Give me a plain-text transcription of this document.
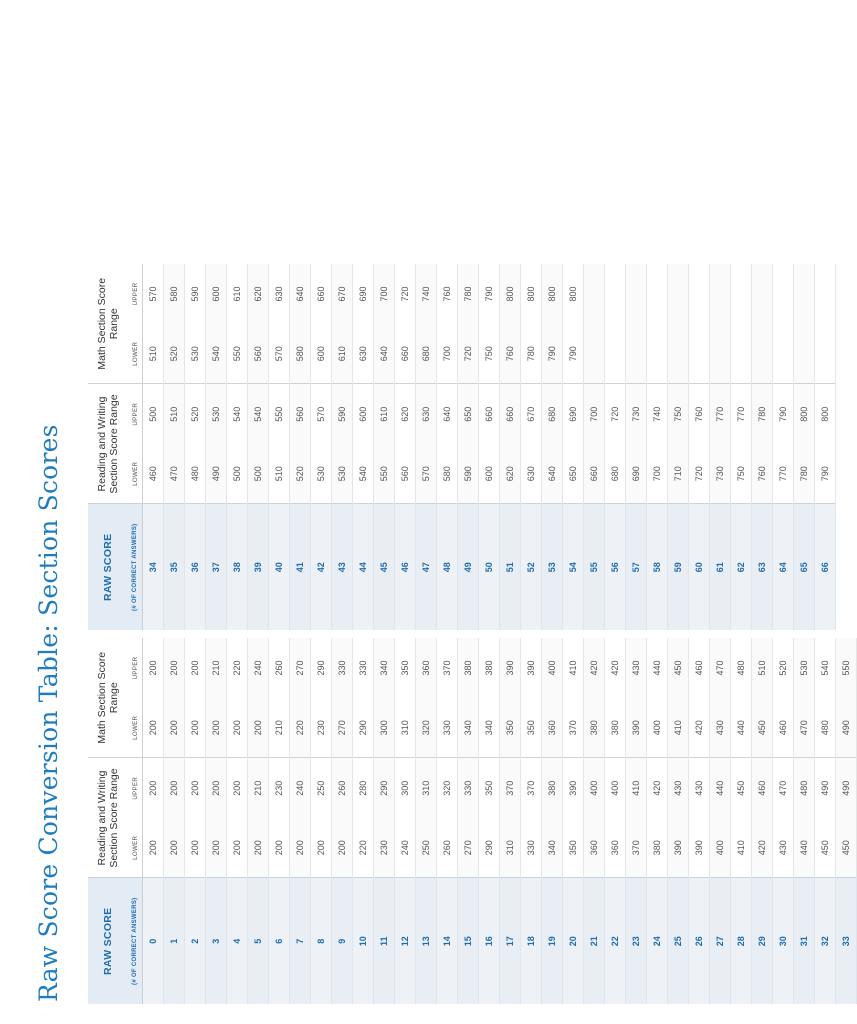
Raw Score Conversion Table: Section Scores	RAW SCORE	Reading and Writing Section Score Range		Math Section Score Range	
(# OF CORRECT ANSWERS)	LOWER	UPPER	LOWER	UPPER
0	200	200	200	200
1	200	200	200	200
2	200	200	200	200
3	200	200	200	210
4	200	200	200	220
5	200	210	200	240
6	200	230	210	260
7	200	240	220	270
8	200	250	230	290
9	200	260	270	330
10	220	280	290	330
11	230	290	300	340
12	240	300	310	350
13	250	310	320	360
14	260	320	330	370
15	270	330	340	380
16	290	350	340	380
17	310	370	350	390
18	330	370	350	390
19	340	380	360	400
20	350	390	370	410
21	360	400	380	420
22	360	400	380	420
23	370	410	390	430
24	380	420	400	440
25	390	430	410	450
26	390	430	420	460
27	400	440	430	470
28	410	450	440	480
29	420	460	450	510
30	430	470	460	520
31	440	480	470	530
32	450	490	480	540
33	450	490	490	550
RAW SCORE	Reading and Writing Section Score Range		Math Section Score Range	
(# OF CORRECT ANSWERS)	LOWER	UPPER	LOWER	UPPER
34	460	500	510	570
35	470	510	520	580
36	480	520	530	590
37	490	530	540	600
38	500	540	550	610
39	500	540	560	620
40	510	550	570	630
41	520	560	580	640
42	530	570	600	660
43	530	590	610	670
44	540	600	630	690
45	550	610	640	700
46	560	620	660	720
47	570	630	680	740
48	580	640	700	760
49	590	650	720	780
50	600	660	750	790
51	620	660	760	800
52	630	670	780	800
53	640	680	790	800
54	650	690	790	800
55	660	700		
56	680	720		
57	690	730		
58	700	740		
59	710	750		
60	720	760		
61	730	770		
62	750	770		
63	760	780		
64	770	790		
65	780	800		
66	790	800		
